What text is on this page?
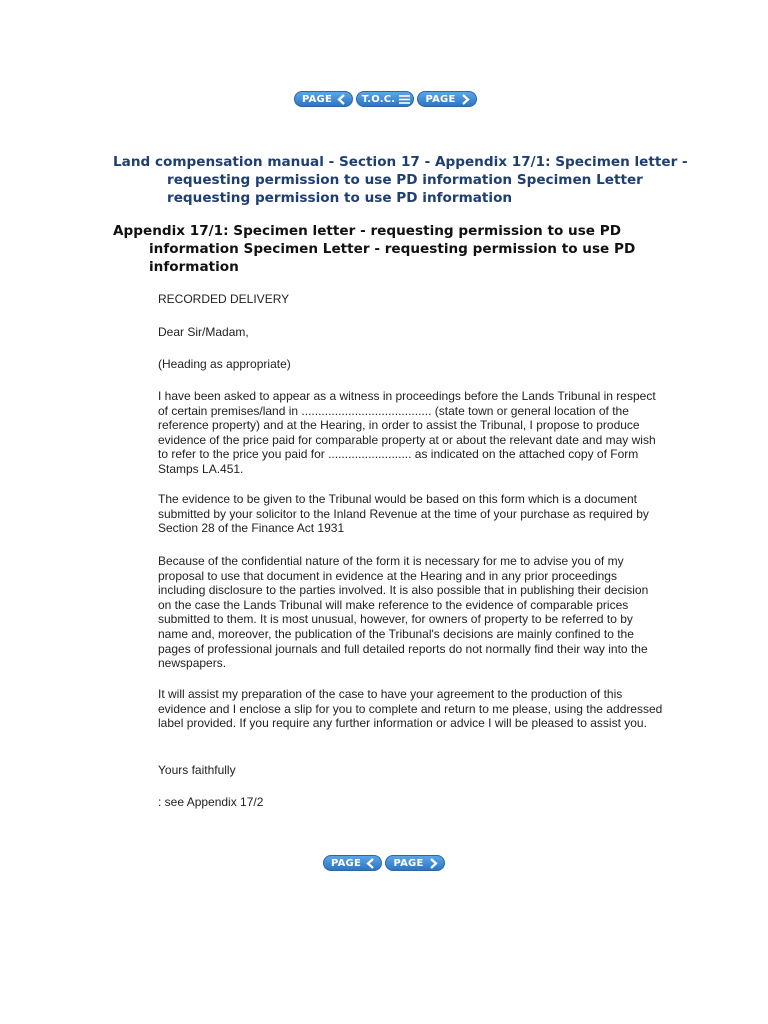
PAGE	T.O.C.	PAGE
Land compensation manual - Section 17 - Appendix 17/1: Specimen letter - requesting permission to use PD information Specimen Letter requesting permission to use PD information
Appendix 17/1: Specimen letter - requesting permission to use PD information Specimen Letter - requesting permission to use PD information

RECORDED DELIVERY

Dear Sir/Madam,

(Heading as appropriate)

I have been asked to appear as a witness in proceedings before the Lands Tribunal in respect of certain premises/land in ....................................... (state town or general location of the reference property) and at the Hearing, in order to assist the Tribunal, I propose to produce evidence of the price paid for comparable property at or about the relevant date and may wish to refer to the price you paid for ......................... as indicated on the attached copy of Form Stamps LA.451.

The evidence to be given to the Tribunal would be based on this form which is a document submitted by your solicitor to the Inland Revenue at the time of your purchase as required by Section 28 of the Finance Act 1931

Because of the confidential nature of the form it is necessary for me to advise you of my proposal to use that document in evidence at the Hearing and in any prior proceedings including disclosure to the parties involved. It is also possible that in publishing their decision on the case the Lands Tribunal will make reference to the evidence of comparable prices submitted to them. It is most unusual, however, for owners of property to be referred to by name and, moreover, the publication of the Tribunal's decisions are mainly confined to the pages of professional journals and full detailed reports do not normally find their way into the newspapers.

It will assist my preparation of the case to have your agreement to the production of this evidence and I enclose a slip for you to complete and return to me please, using the addressed label provided. If you require any further information or advice I will be pleased to assist you.

Yours faithfully

: see Appendix 17/2

PAGE	PAGE
